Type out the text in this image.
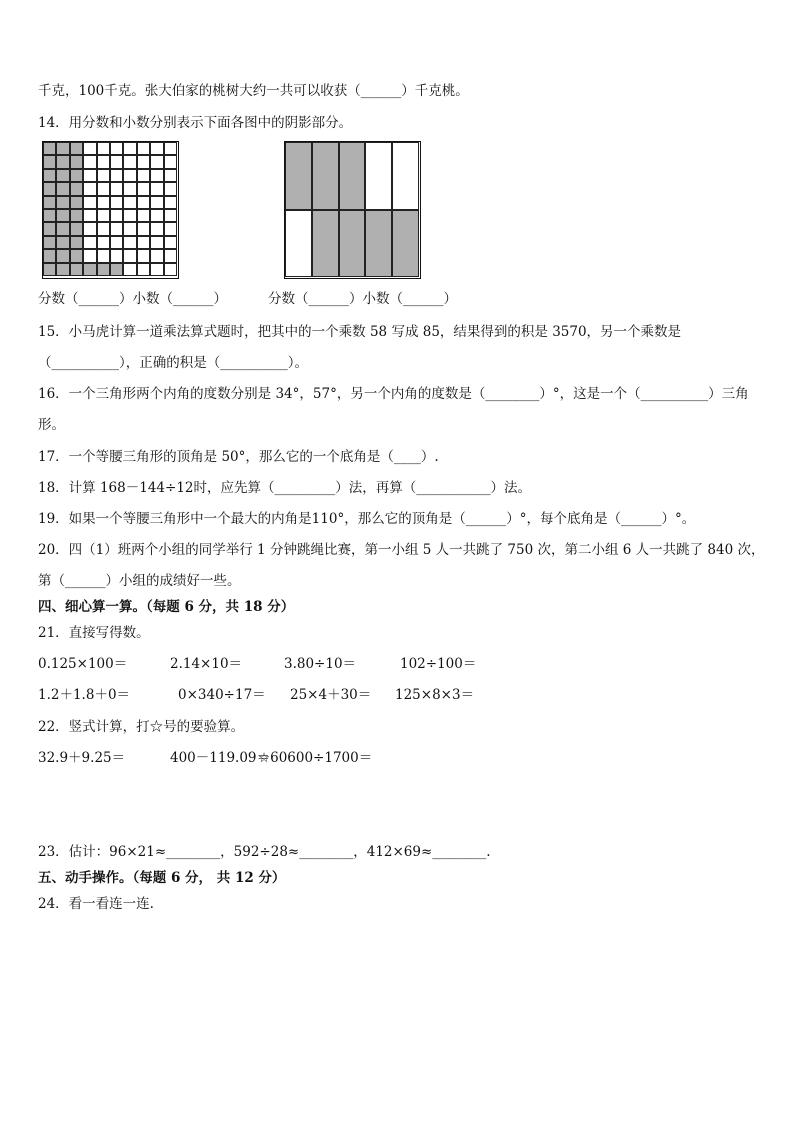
千克，100千克。张大伯家的桃树大约一共可以收获（______）千克桃。
14．用分数和小数分别表示下面各图中的阴影部分。
分数（______）小数（______）	分数（______）小数（______）
15．小马虎计算一道乘法算式题时，把其中的一个乘数 58 写成 85，结果得到的积是 3570，另一个乘数是
（__________），正确的积是（__________）。
16．一个三角形两个内角的度数分别是 34°，57°，另一个内角的度数是（________）°，这是一个（__________）三角
形。
17．一个等腰三角形的顶角是 50°，那么它的一个底角是（____）.
18．计算 168－144÷12时，应先算（_________）法，再算（___________）法。
19．如果一个等腰三角形中一个最大的内角是110°，那么它的顶角是（______）°，每个底角是（______）°。
20．四（1）班两个小组的同学举行 1 分钟跳绳比赛，第一小组 5 人一共跳了 750 次，第二小组 6 人一共跳了 840 次，
第（______）小组的成绩好一些。
四、细心算一算。（每题 6 分，共 18 分）
21．直接写得数。
0.125×100＝	2.14×10＝	3.80÷10＝	102÷100＝
1.2＋1.8＋0＝	0×340÷17＝ 25×4＋30＝ 125×8×3＝
22．竖式计算，打☆号的要验算。
32.9＋9.25＝	400－119.09＝
☆60600÷1700＝
23．估计：96×21≈________，592÷28≈________，412×69≈________.
五、动手操作。（每题 6 分， 共 12 分）
24．看一看连一连.
